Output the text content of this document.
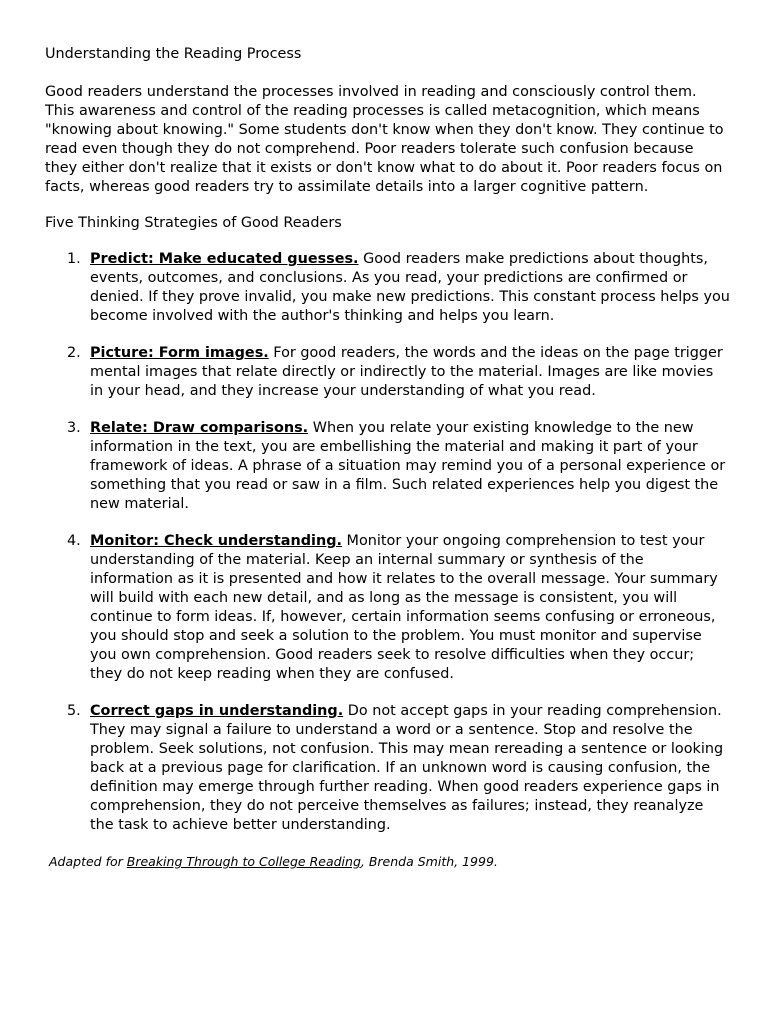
Understanding the Reading Process

Good readers understand the processes involved in reading and consciously control them. This awareness and control of the reading processes is called metacognition, which means "knowing about knowing." Some students don't know when they don't know. They continue to read even though they do not comprehend. Poor readers tolerate such confusion because they either don't realize that it exists or don't know what to do about it. Poor readers focus on facts, whereas good readers try to assimilate details into a larger cognitive pattern.

Five Thinking Strategies of Good Readers
1. Predict: Make educated guesses. Good readers make predictions about thoughts, events, outcomes, and conclusions. As you read, your predictions are confirmed or denied. If they prove invalid, you make new predictions. This constant process helps you become involved with the author's thinking and helps you learn.
2. Picture: Form images. For good readers, the words and the ideas on the page trigger mental images that relate directly or indirectly to the material. Images are like movies in your head, and they increase your understanding of what you read.
3. Relate: Draw comparisons. When you relate your existing knowledge to the new information in the text, you are embellishing the material and making it part of your framework of ideas. A phrase of a situation may remind you of a personal experience or something that you read or saw in a film. Such related experiences help you digest the new material.
4. Monitor: Check understanding. Monitor your ongoing comprehension to test your understanding of the material. Keep an internal summary or synthesis of the information as it is presented and how it relates to the overall message. Your summary will build with each new detail, and as long as the message is consistent, you will continue to form ideas. If, however, certain information seems confusing or erroneous, you should stop and seek a solution to the problem. You must monitor and supervise you own comprehension. Good readers seek to resolve difficulties when they occur; they do not keep reading when they are confused.
5. Correct gaps in understanding. Do not accept gaps in your reading comprehension. They may signal a failure to understand a word or a sentence. Stop and resolve the problem. Seek solutions, not confusion. This may mean rereading a sentence or looking back at a previous page for clarification. If an unknown word is causing confusion, the definition may emerge through further reading. When good readers experience gaps in comprehension, they do not perceive themselves as failures; instead, they reanalyze the task to achieve better understanding.

Adapted for Breaking Through to College Reading, Brenda Smith, 1999.
